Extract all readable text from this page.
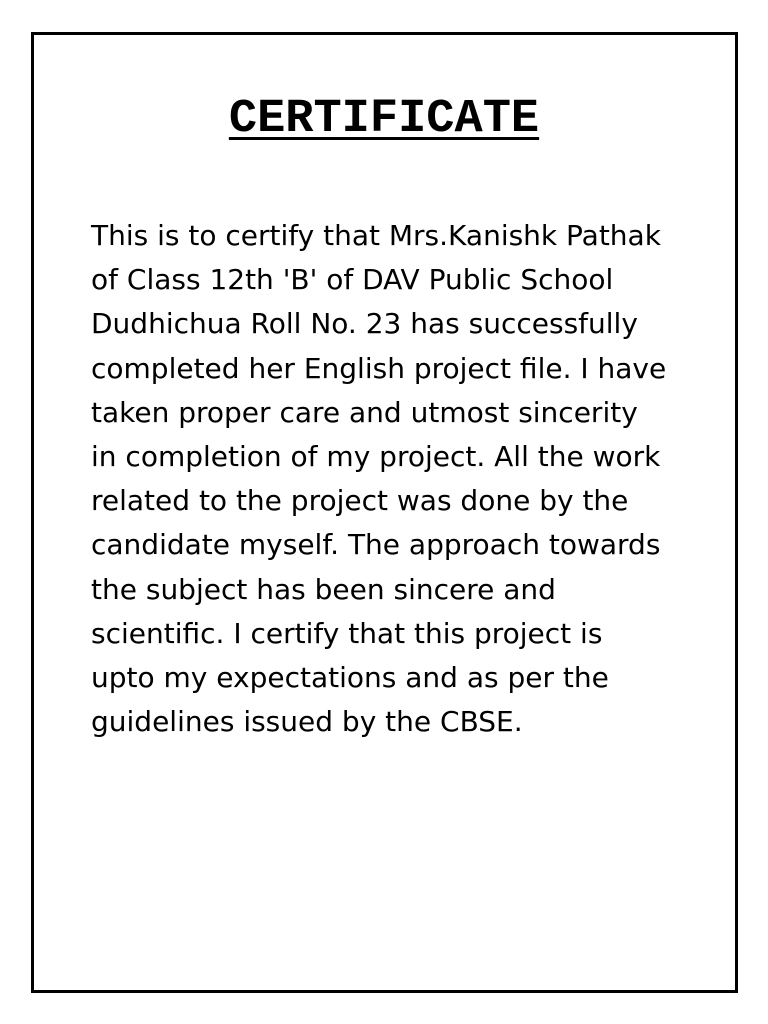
CERTIFICATE

This is to certify that Mrs.Kanishk Pathak
of Class 12th 'B' of DAV Public School
Dudhichua Roll No. 23 has successfully
completed her English project file. I have
taken proper care and utmost sincerity
in completion of my project. All the work
related to the project was done by the
candidate myself. The approach towards
the subject has been sincere and
scientific. I certify that this project is
upto my expectations and as per the
guidelines issued by the CBSE.
